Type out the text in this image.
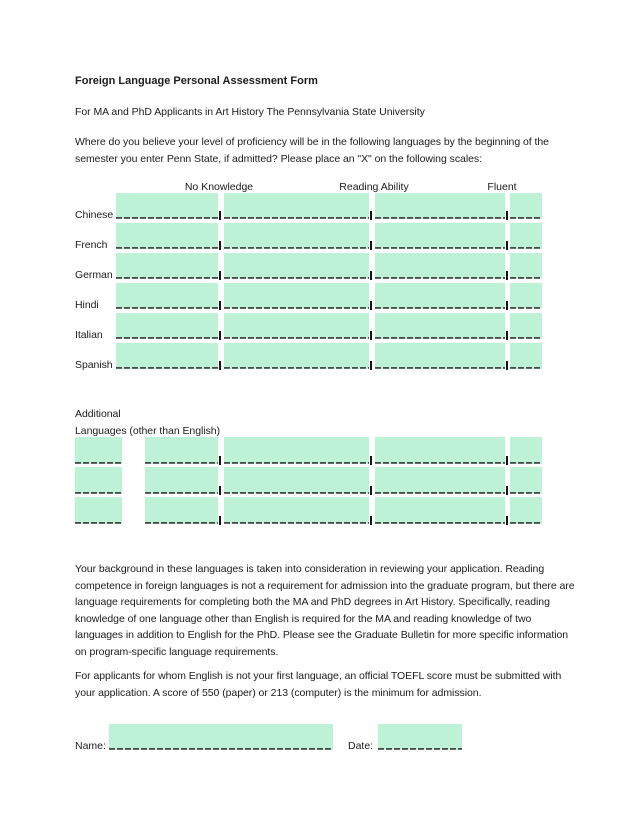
Foreign Language Personal Assessment Form
For MA and PhD Applicants in Art History The Pennsylvania State University
Where do you believe your level of proficiency will be in the following languages by the beginning of the semester you enter Penn State, if admitted? Please place an "X" on the following scales:
No Knowledge	Reading Ability	Fluent
Additional
Languages (other than English)
Your background in these languages is taken into consideration in reviewing your application. Reading competence in foreign languages is not a requirement for admission into the graduate program, but there are language requirements for completing both the MA and PhD degrees in Art History. Specifically, reading knowledge of one language other than English is required for the MA and reading knowledge of two languages in addition to English for the PhD. Please see the Graduate Bulletin for more specific information on program-specific language requirements.
For applicants for whom English is not your first language, an official TOEFL score must be submitted with your application. A score of 550 (paper) or 213 (computer) is the minimum for admission.
Name:	Date:
Chinese
French
German
Hindi
Italian
Spanish
